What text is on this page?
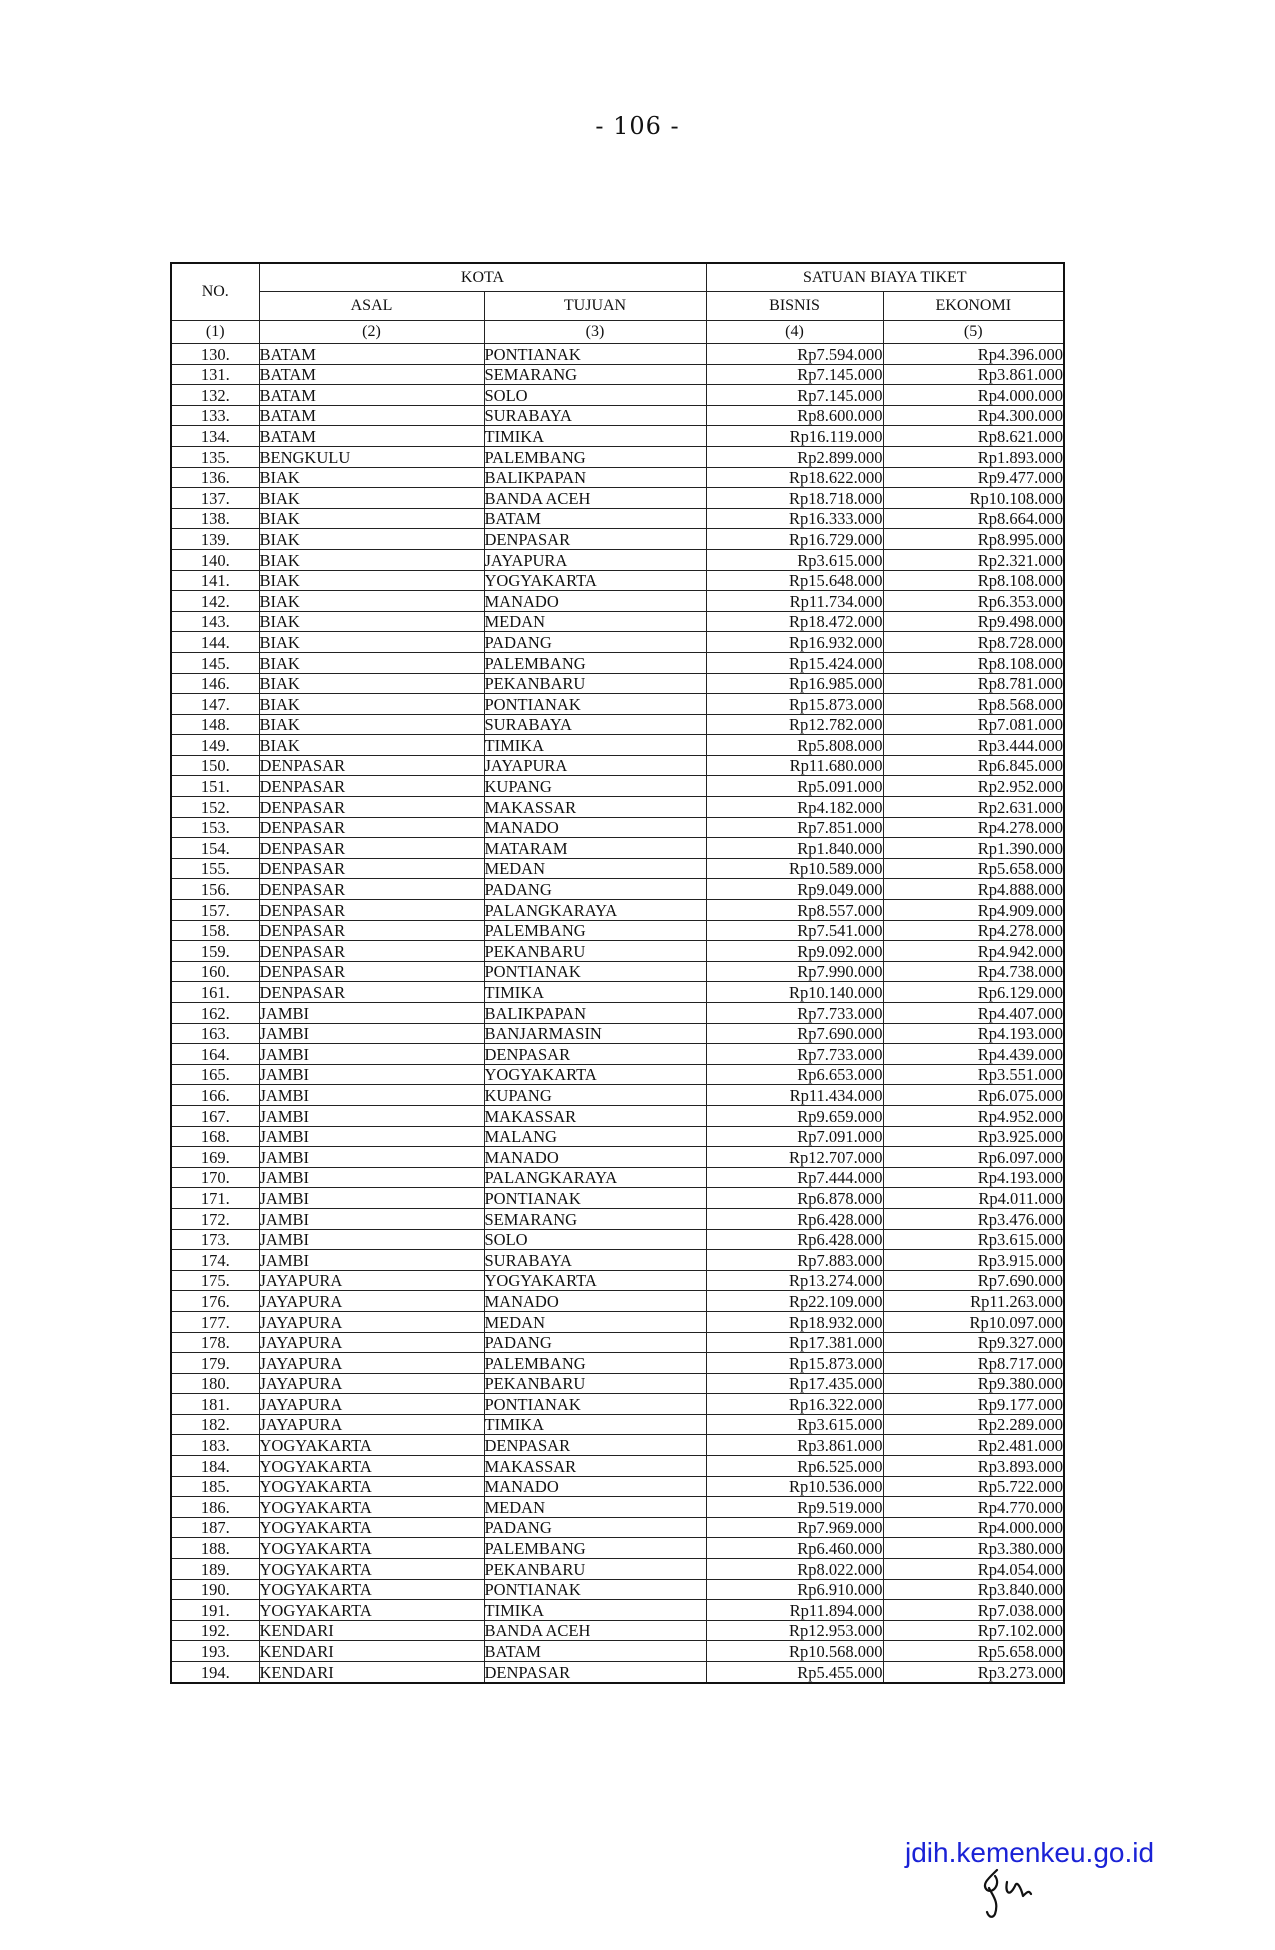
- 106 -
NO.	KOTA		SATUAN BIAYA TIKET	
	ASAL	TUJUAN	BISNIS	EKONOMI
(1)	(2)	(3)	(4)	(5)
130.	BATAM	PONTIANAK	Rp7.594.000	Rp4.396.000
131.	BATAM	SEMARANG	Rp7.145.000	Rp3.861.000
132.	BATAM	SOLO	Rp7.145.000	Rp4.000.000
133.	BATAM	SURABAYA	Rp8.600.000	Rp4.300.000
134.	BATAM	TIMIKA	Rp16.119.000	Rp8.621.000
135.	BENGKULU	PALEMBANG	Rp2.899.000	Rp1.893.000
136.	BIAK	BALIKPAPAN	Rp18.622.000	Rp9.477.000
137.	BIAK	BANDA ACEH	Rp18.718.000	Rp10.108.000
138.	BIAK	BATAM	Rp16.333.000	Rp8.664.000
139.	BIAK	DENPASAR	Rp16.729.000	Rp8.995.000
140.	BIAK	JAYAPURA	Rp3.615.000	Rp2.321.000
141.	BIAK	YOGYAKARTA	Rp15.648.000	Rp8.108.000
142.	BIAK	MANADO	Rp11.734.000	Rp6.353.000
143.	BIAK	MEDAN	Rp18.472.000	Rp9.498.000
144.	BIAK	PADANG	Rp16.932.000	Rp8.728.000
145.	BIAK	PALEMBANG	Rp15.424.000	Rp8.108.000
146.	BIAK	PEKANBARU	Rp16.985.000	Rp8.781.000
147.	BIAK	PONTIANAK	Rp15.873.000	Rp8.568.000
148.	BIAK	SURABAYA	Rp12.782.000	Rp7.081.000
149.	BIAK	TIMIKA	Rp5.808.000	Rp3.444.000
150.	DENPASAR	JAYAPURA	Rp11.680.000	Rp6.845.000
151.	DENPASAR	KUPANG	Rp5.091.000	Rp2.952.000
152.	DENPASAR	MAKASSAR	Rp4.182.000	Rp2.631.000
153.	DENPASAR	MANADO	Rp7.851.000	Rp4.278.000
154.	DENPASAR	MATARAM	Rp1.840.000	Rp1.390.000
155.	DENPASAR	MEDAN	Rp10.589.000	Rp5.658.000
156.	DENPASAR	PADANG	Rp9.049.000	Rp4.888.000
157.	DENPASAR	PALANGKARAYA	Rp8.557.000	Rp4.909.000
158.	DENPASAR	PALEMBANG	Rp7.541.000	Rp4.278.000
159.	DENPASAR	PEKANBARU	Rp9.092.000	Rp4.942.000
160.	DENPASAR	PONTIANAK	Rp7.990.000	Rp4.738.000
161.	DENPASAR	TIMIKA	Rp10.140.000	Rp6.129.000
162.	JAMBI	BALIKPAPAN	Rp7.733.000	Rp4.407.000
163.	JAMBI	BANJARMASIN	Rp7.690.000	Rp4.193.000
164.	JAMBI	DENPASAR	Rp7.733.000	Rp4.439.000
165.	JAMBI	YOGYAKARTA	Rp6.653.000	Rp3.551.000
166.	JAMBI	KUPANG	Rp11.434.000	Rp6.075.000
167.	JAMBI	MAKASSAR	Rp9.659.000	Rp4.952.000
168.	JAMBI	MALANG	Rp7.091.000	Rp3.925.000
169.	JAMBI	MANADO	Rp12.707.000	Rp6.097.000
170.	JAMBI	PALANGKARAYA	Rp7.444.000	Rp4.193.000
171.	JAMBI	PONTIANAK	Rp6.878.000	Rp4.011.000
172.	JAMBI	SEMARANG	Rp6.428.000	Rp3.476.000
173.	JAMBI	SOLO	Rp6.428.000	Rp3.615.000
174.	JAMBI	SURABAYA	Rp7.883.000	Rp3.915.000
175.	JAYAPURA	YOGYAKARTA	Rp13.274.000	Rp7.690.000
176.	JAYAPURA	MANADO	Rp22.109.000	Rp11.263.000
177.	JAYAPURA	MEDAN	Rp18.932.000	Rp10.097.000
178.	JAYAPURA	PADANG	Rp17.381.000	Rp9.327.000
179.	JAYAPURA	PALEMBANG	Rp15.873.000	Rp8.717.000
180.	JAYAPURA	PEKANBARU	Rp17.435.000	Rp9.380.000
181.	JAYAPURA	PONTIANAK	Rp16.322.000	Rp9.177.000
182.	JAYAPURA	TIMIKA	Rp3.615.000	Rp2.289.000
183.	YOGYAKARTA	DENPASAR	Rp3.861.000	Rp2.481.000
184.	YOGYAKARTA	MAKASSAR	Rp6.525.000	Rp3.893.000
185.	YOGYAKARTA	MANADO	Rp10.536.000	Rp5.722.000
186.	YOGYAKARTA	MEDAN	Rp9.519.000	Rp4.770.000
187.	YOGYAKARTA	PADANG	Rp7.969.000	Rp4.000.000
188.	YOGYAKARTA	PALEMBANG	Rp6.460.000	Rp3.380.000
189.	YOGYAKARTA	PEKANBARU	Rp8.022.000	Rp4.054.000
190.	YOGYAKARTA	PONTIANAK	Rp6.910.000	Rp3.840.000
191.	YOGYAKARTA	TIMIKA	Rp11.894.000	Rp7.038.000
192.	KENDARI	BANDA ACEH	Rp12.953.000	Rp7.102.000
193.	KENDARI	BATAM	Rp10.568.000	Rp5.658.000
194.	KENDARI	DENPASAR	Rp5.455.000	Rp3.273.000
jdih.kemenkeu.go.id
